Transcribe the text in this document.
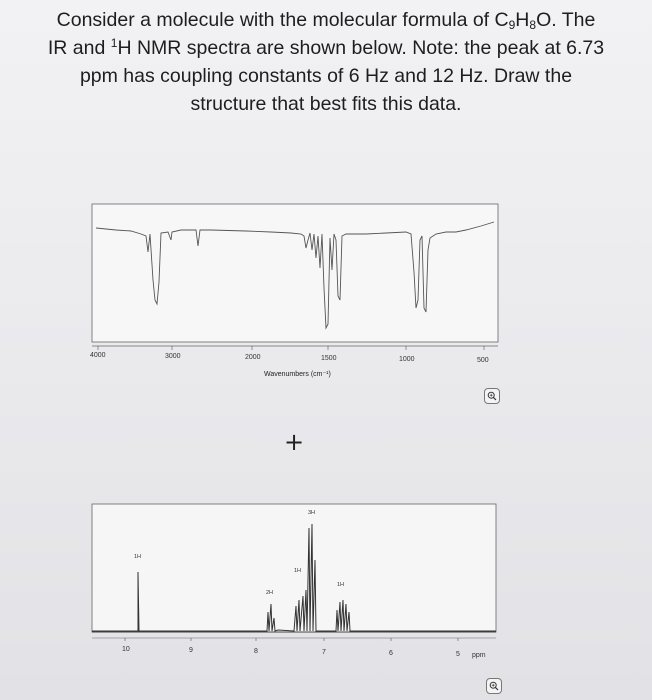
Consider a molecule with the molecular formula of $C_9H_8O$. The
IR and $^1$H NMR spectra are shown below. Note: the peak at 6.73
ppm has coupling constants of 6 Hz and 12 Hz. Draw the
structure that best fits this data.
4000	3000	2000	1500	1000	500
Wavenumbers (cm⁻¹)
+
10	9	8	7	6	5 ppm
1H
2H
1H
3H
1H
